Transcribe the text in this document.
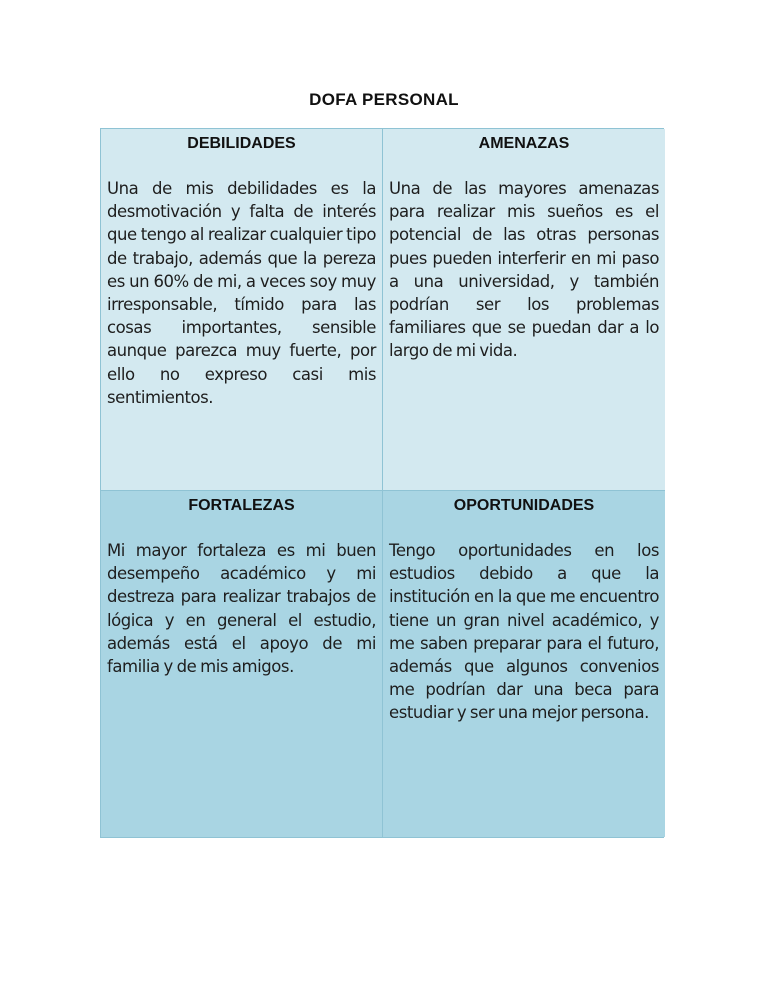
DOFA PERSONAL
DEBILIDADES

Una de mis debilidades es la desmotivación y falta de interés que tengo al realizar cualquier tipo de trabajo, además que la pereza es un 60% de mi, a veces soy muy irresponsable, tímido para las cosas importantes, sensible aunque parezca muy fuerte, por ello no expreso casi mis sentimientos.

AMENAZAS

Una de las mayores amenazas para realizar mis sueños es el potencial de las otras personas pues pueden interferir en mi paso a una universidad, y también podrían ser los problemas familiares que se puedan dar a lo largo de mi vida.

FORTALEZAS

Mi mayor fortaleza es mi buen desempeño académico y mi destreza para realizar trabajos de lógica y en general el estudio, además está el apoyo de mi familia y de mis amigos.

OPORTUNIDADES

Tengo oportunidades en los estudios debido a que la institución en la que me encuentro tiene un gran nivel académico, y me saben preparar para el futuro, además que algunos convenios me podrían dar una beca para estudiar y ser una mejor persona.
